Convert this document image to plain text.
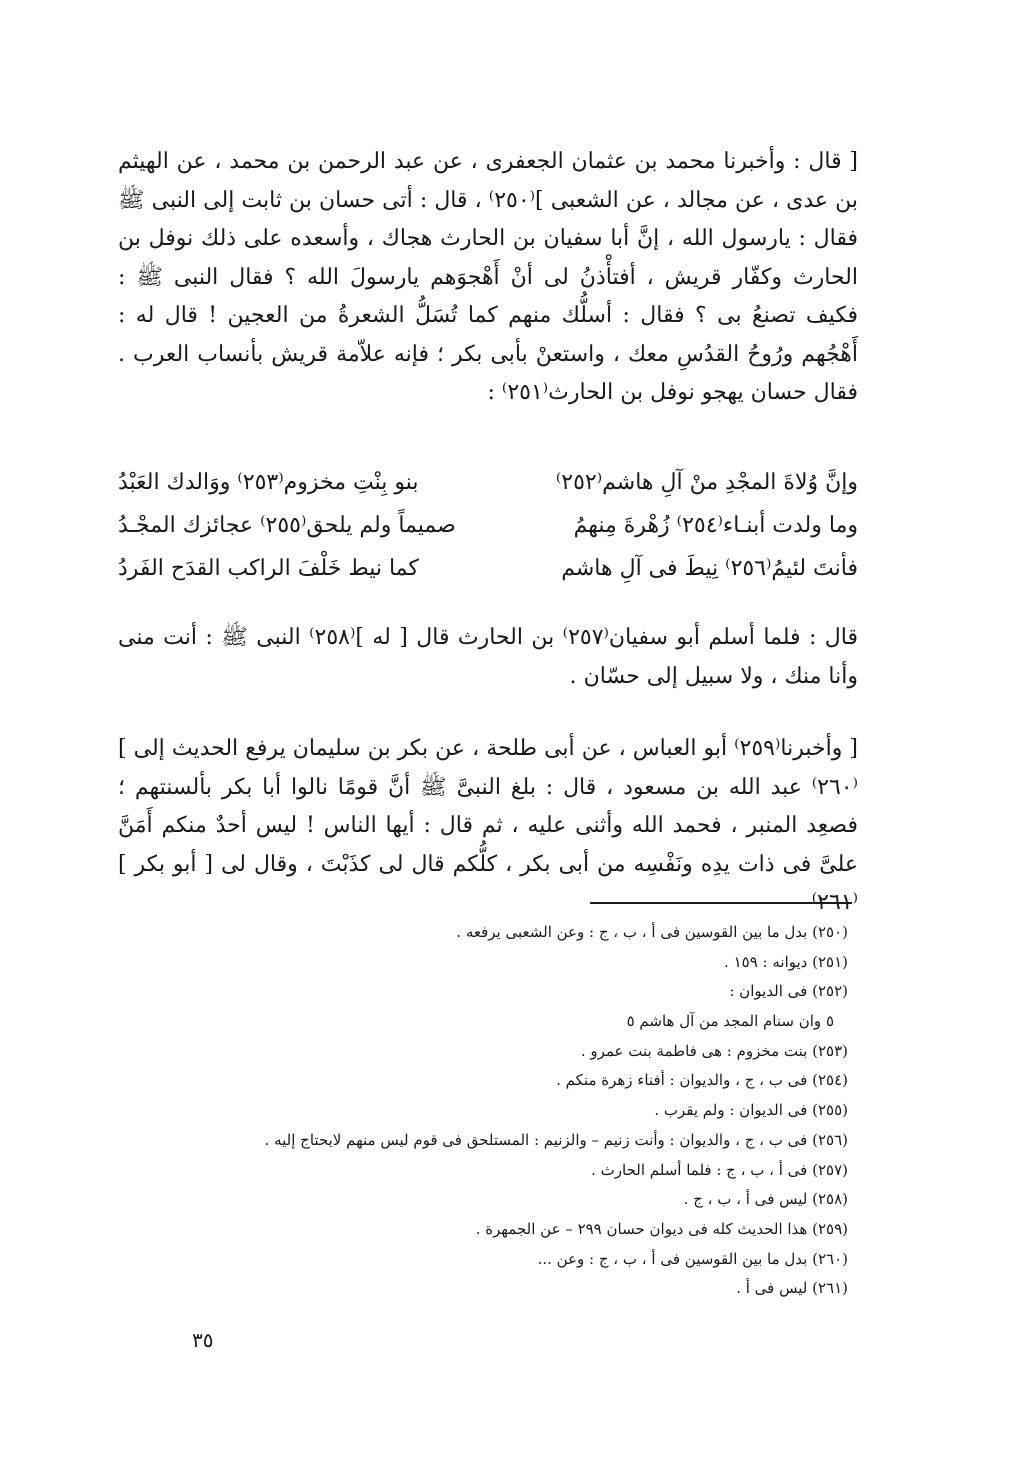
[ قال : وأخبرنا محمد بن عثمان الجعفرى ، عن عبد الرحمن بن محمد ، عن الهيثم بن عدى ، عن مجالد ، عن الشعبى ]⁽٢٥٠⁾ ، قال : أتى حسان بن ثابت إلى النبى ﷺ فقال : يارسول الله ، إنَّ أبا سفيان بن الحارث هجاك ، وأسعده على ذلك نوفل بن الحارث وكفّار قريش ، أفتأْذنُ لى أنْ أَهْجوَهم يارسولَ الله ؟ فقال النبى ﷺ : فكيف تصنعُ بى ؟ فقال : أسلُّك منهم كما تُسَلُّ الشعرةُ من العجين ! قال له : أَهْجُهم ورُوحُ القدُسِ معك ، واستعنْ بأبى بكر ؛ فإنه علاّمة قريش بأنساب العرب . فقال حسان يهجو نوفل بن الحارث⁽٢٥١⁾ :
وإنَّ وُلاةَ المجْدِ منْ آلِ هاشم⁽٢٥٢⁾
بنو بِنْتِ مخزوم⁽٢٥٣⁾ ووَالدك العَبْدُ
وما ولدت أبنـاء⁽٢٥٤⁾ زُهْرةَ مِنهمُ
صميماً ولم يلحق⁽٢٥٥⁾ عجائزك المجْـدُ
فأنتَ لئيمُ⁽٢٥٦⁾ نِيطَ فى آلِ هاشم
كما نيط خَلْفَ الراكب القدَح الفَردُ
قال : فلما أسلم أبو سفيان⁽٢٥٧⁾ بن الحارث قال [ له ]⁽٢٥٨⁾ النبى ﷺ : أنت منى وأنا منك ، ولا سبيل إلى حسّان .
[ وأخبرنا⁽٢٥٩⁾ أبو العباس ، عن أبى طلحة ، عن بكر بن سليمان يرفع الحديث إلى ]⁽٢٦٠⁾ عبد الله بن مسعود ، قال : بلغ النبىَّ ﷺ أنَّ قومًا نالوا أبا بكر بألسنتهم ؛ فصعِد المنبر ، فحمد الله وأثنى عليه ، ثم قال : أيها الناس ! ليس أحدٌ منكم أَمَنَّ علىَّ فى ذات يدِه ونَفْسِه من أبى بكر ، كلُّكم قال لى كذَبْتَ ، وقال لى [ أبو بكر ]⁽٢٦١⁾
(٢٥٠) بدل ما بين القوسين فى أ ، ب ، ج : وعن الشعبى يرفعه .
(٢٥١) ديوانه : ١٥٩ .
(٢٥٢) فى الديوان :
٥ وان سنام المجد من آل هاشم ٥
(٢٥٣) بنت مخزوم : هى فاطمة بنت عمرو .
(٢٥٤) فى ب ، ج ، والديوان : أفناء زهرة منكم .
(٢٥٥) فى الديوان : ولم يقرب .
(٢٥٦) فى ب ، ج ، والديوان : وأنت زنيم – والزنيم : المستلحق فى قوم ليس منهم لايحتاج إليه .
(٢٥٧) فى أ ، ب ، ج : فلما أسلم الحارث .
(٢٥٨) ليس فى أ ، ب ، ج .
(٢٥٩) هذا الحديث كله فى ديوان حسان ٢٩٩ – عن الجمهرة .
(٢٦٠) بدل ما بين القوسين فى أ ، ب ، ج : وعن ...
(٢٦١) ليس فى أ .
٣٥
